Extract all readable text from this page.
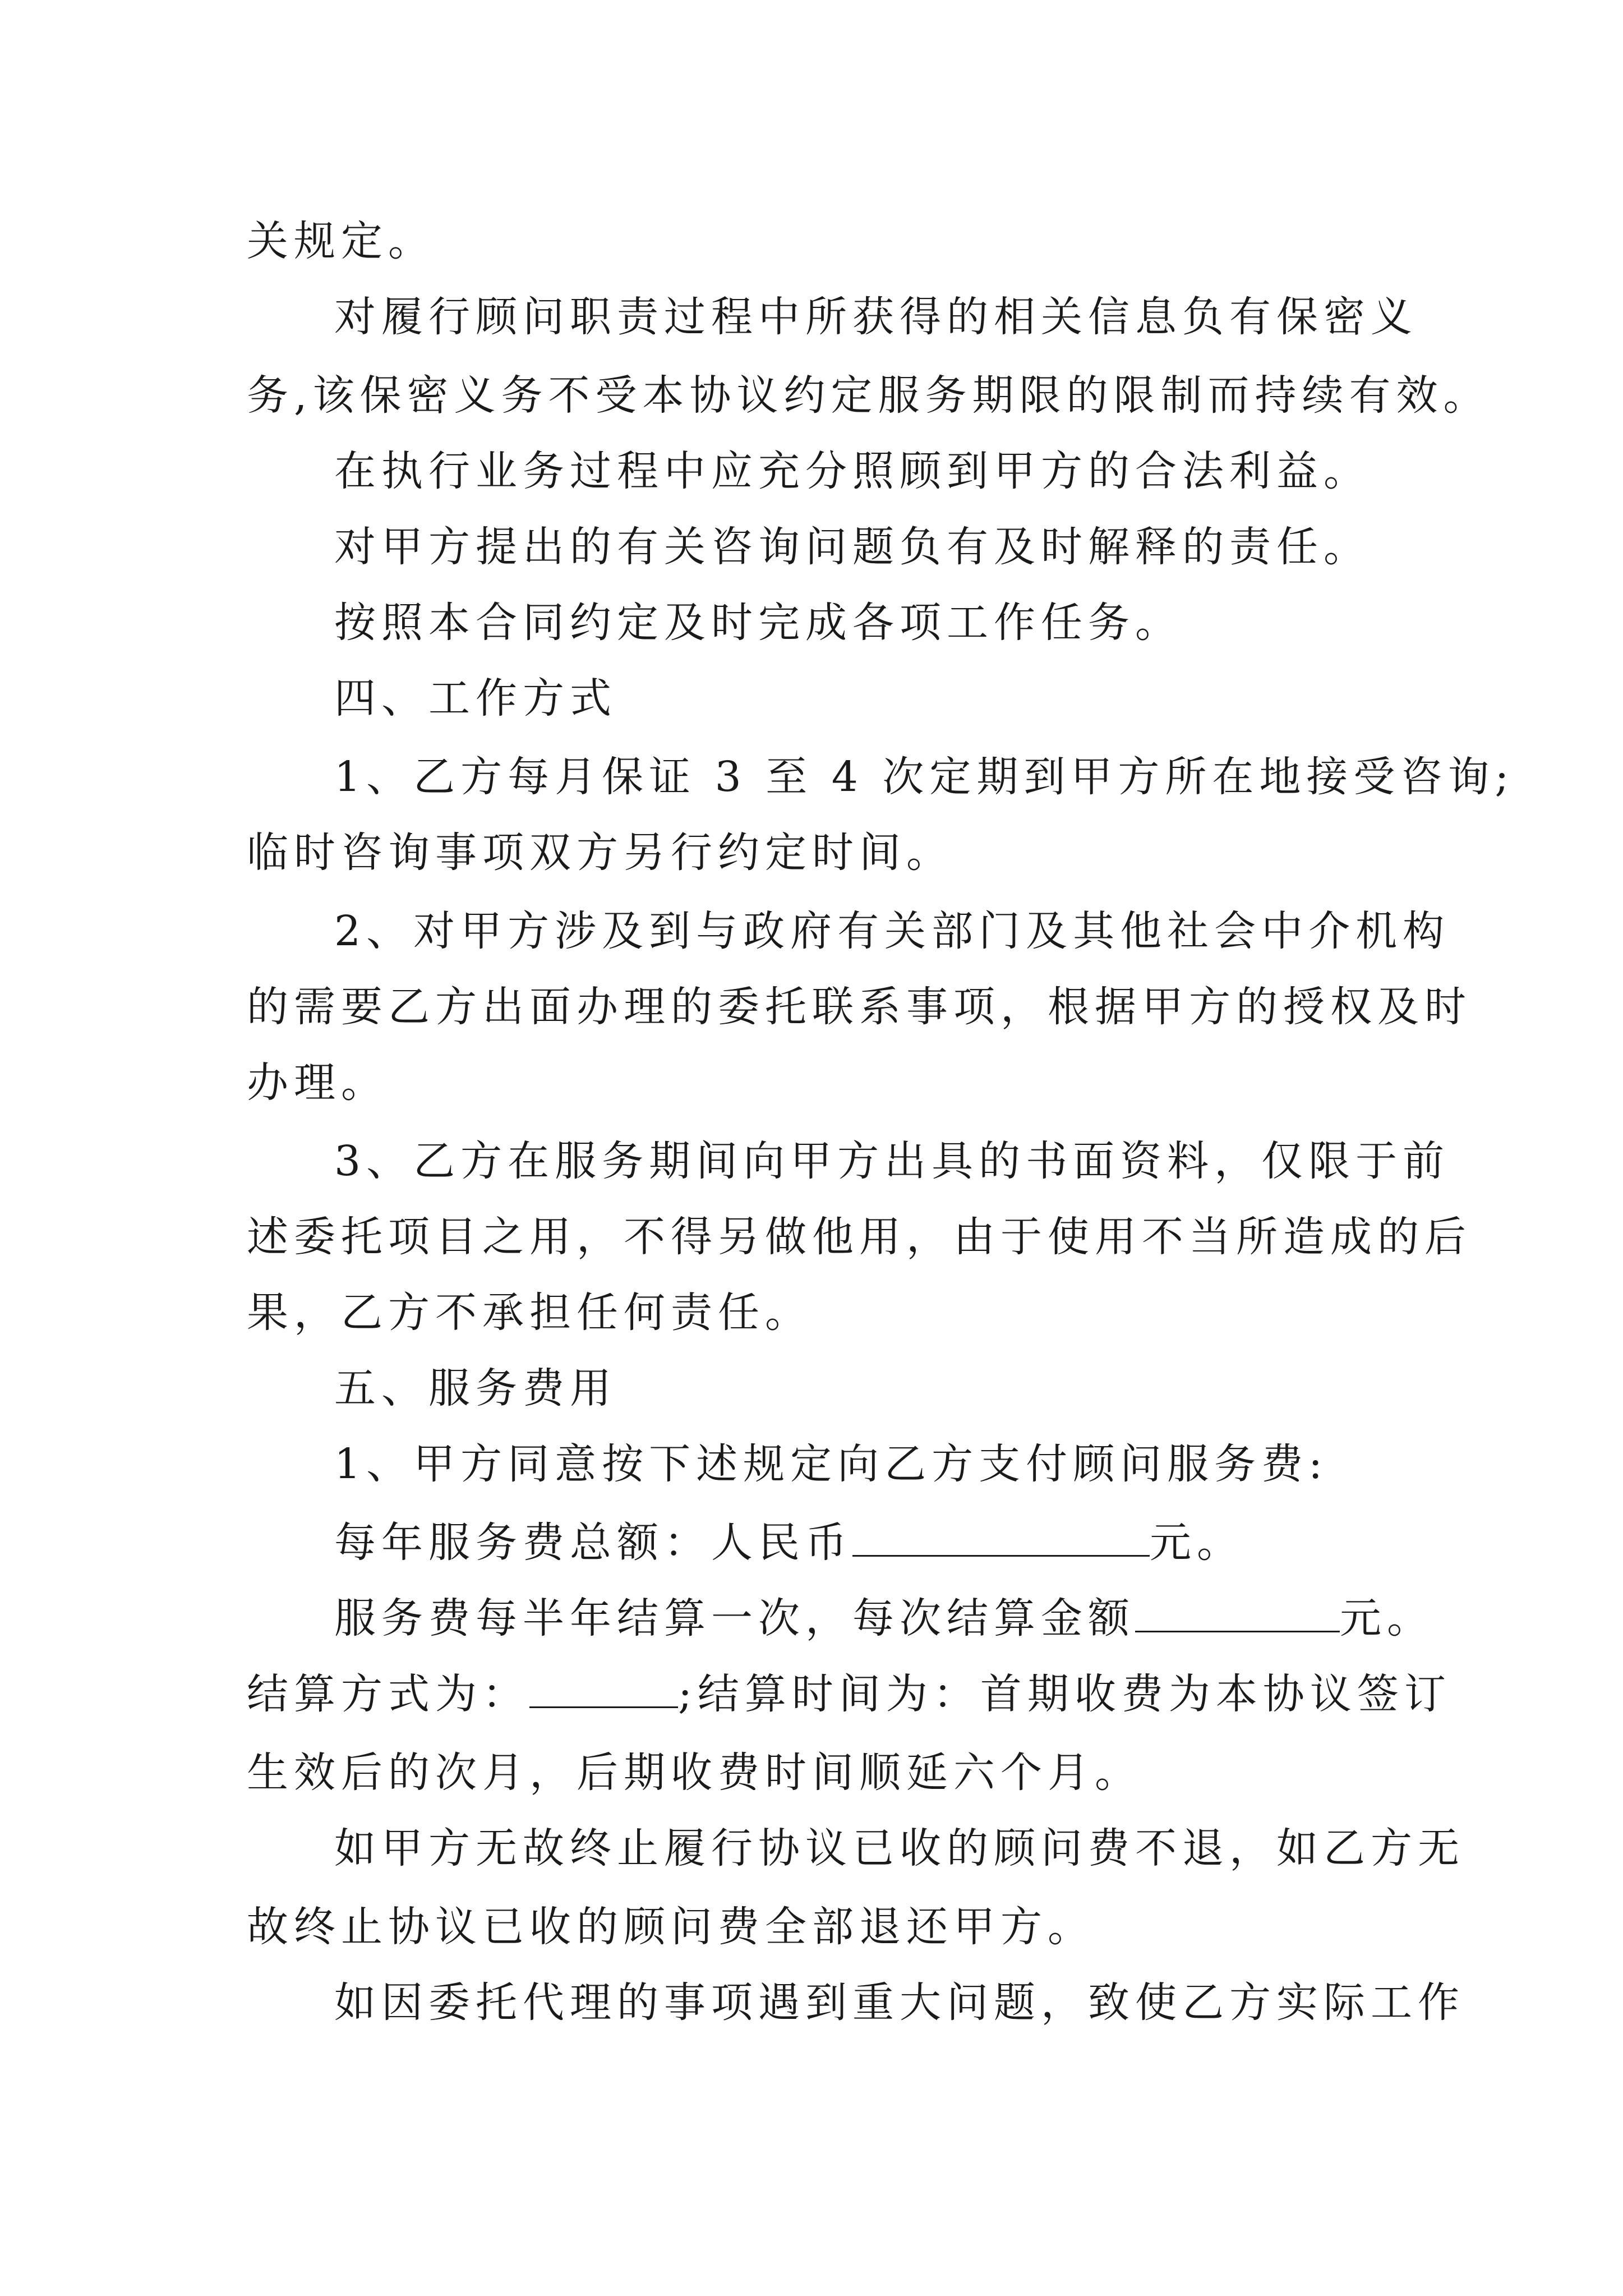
关规定。
对履行顾问职责过程中所获得的相关信息负有保密义
务,该保密义务不受本协议约定服务期限的限制而持续有效。
在执行业务过程中应充分照顾到甲方的合法利益。
对甲方提出的有关咨询问题负有及时解释的责任。
按照本合同约定及时完成各项工作任务。
四、工作方式
1、乙方每月保证 3 至 4 次定期到甲方所在地接受咨询;
临时咨询事项双方另行约定时间。
2、对甲方涉及到与政府有关部门及其他社会中介机构
的需要乙方出面办理的委托联系事项，根据甲方的授权及时
办理。
3、乙方在服务期间向甲方出具的书面资料，仅限于前
述委托项目之用，不得另做他用，由于使用不当所造成的后
果，乙方不承担任何责任。
五、服务费用
1、甲方同意按下述规定向乙方支付顾问服务费:
每年服务费总额：人民币	元。
服务费每半年结算一次，每次结算金额	元。
结算方式为：	;结算时间为：首期收费为本协议签订
生效后的次月，后期收费时间顺延六个月。
如甲方无故终止履行协议已收的顾问费不退，如乙方无
故终止协议已收的顾问费全部退还甲方。
如因委托代理的事项遇到重大问题，致使乙方实际工作
